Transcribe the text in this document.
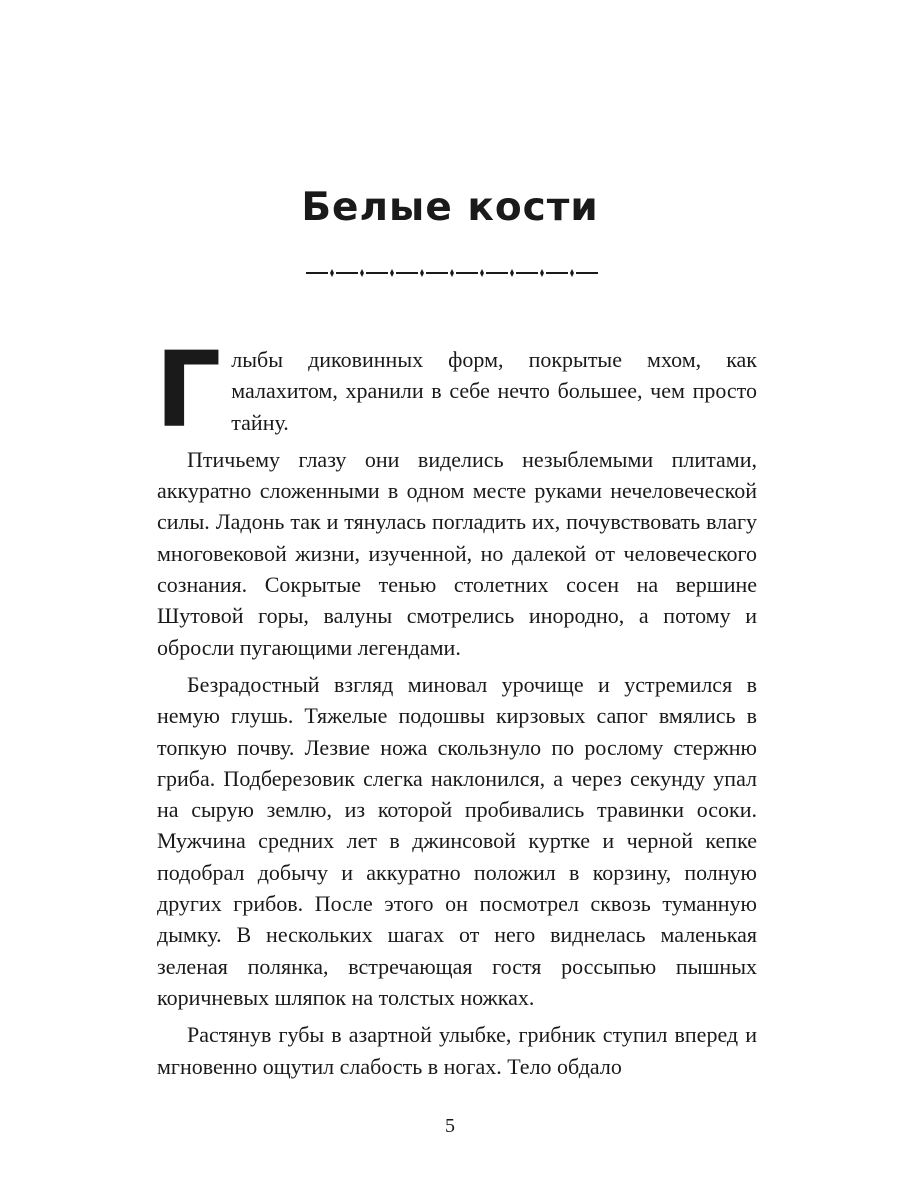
Белые кости

Глыбы диковинных форм, покрытые мхом, как малахитом, хранили в себе нечто большее, чем просто тайну.

Птичьему глазу они виделись незыблемыми плитами, аккуратно сложенными в одном месте руками нечеловеческой силы. Ладонь так и тянулась погладить их, почувствовать влагу многовековой жизни, изученной, но далекой от человеческого сознания. Сокрытые тенью столетних сосен на вершине Шутовой горы, валуны смотрелись инородно, а потому и обросли пугающими легендами.

Безрадостный взгляд миновал урочище и устремился в немую глушь. Тяжелые подошвы кирзовых сапог вмялись в топкую почву. Лезвие ножа скользнуло по рослому стержню гриба. Подберезовик слегка наклонился, а через секунду упал на сырую землю, из которой пробивались травинки осоки. Мужчина средних лет в джинсовой куртке и черной кепке подобрал добычу и аккуратно положил в корзину, полную других грибов. После этого он посмотрел сквозь туманную дымку. В нескольких шагах от него виднелась маленькая зеленая полянка, встречающая гостя россыпью пышных коричневых шляпок на толстых ножках.

Растянув губы в азартной улыбке, грибник ступил вперед и мгновенно ощутил слабость в ногах. Тело обдало

5
